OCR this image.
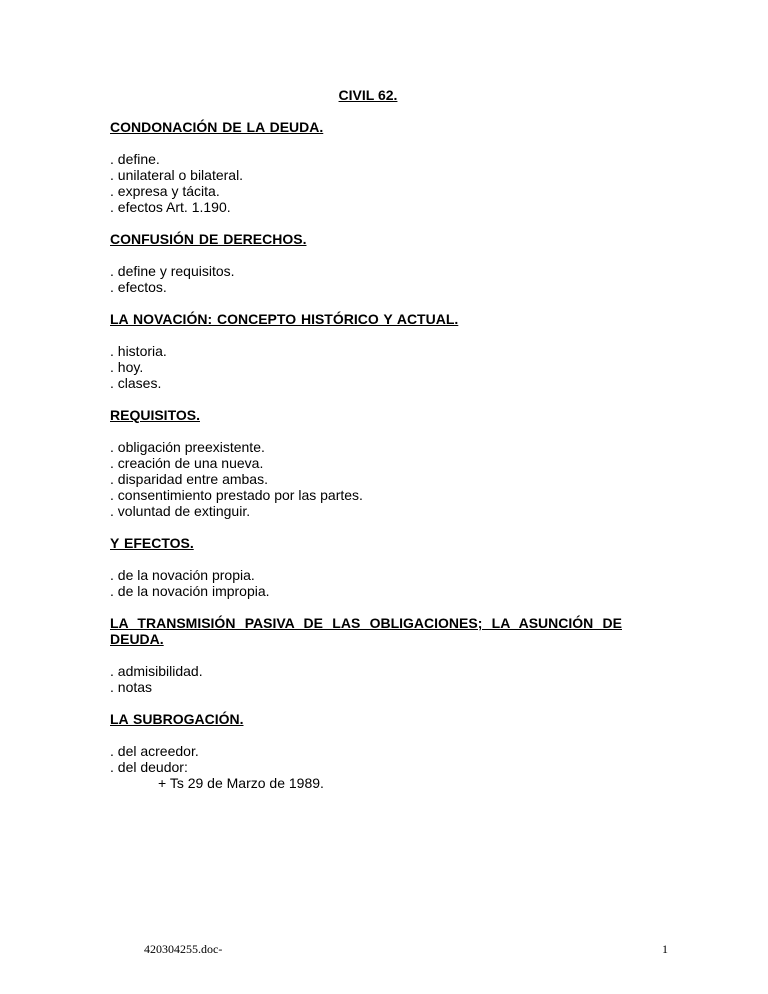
CIVIL 62.
CONDONACIÓN DE LA DEUDA.
. define.
. unilateral o bilateral.
. expresa y tácita.
. efectos Art. 1.190.
CONFUSIÓN DE DERECHOS.
. define y requisitos.
. efectos.
LA NOVACIÓN: CONCEPTO HISTÓRICO Y ACTUAL.
. historia.
. hoy.
. clases.
REQUISITOS.
. obligación preexistente.
. creación de una nueva.
. disparidad entre ambas.
. consentimiento prestado por las partes.
. voluntad de extinguir.
Y EFECTOS.
. de la novación propia.
. de la novación impropia.
LA TRANSMISIÓN PASIVA DE LAS OBLIGACIONES; LA ASUNCIÓN DE DEUDA.
. admisibilidad.
. notas
LA SUBROGACIÓN.
. del acreedor.
. del deudor:
+ Ts 29 de Marzo de 1989.
420304255.doc-	1
